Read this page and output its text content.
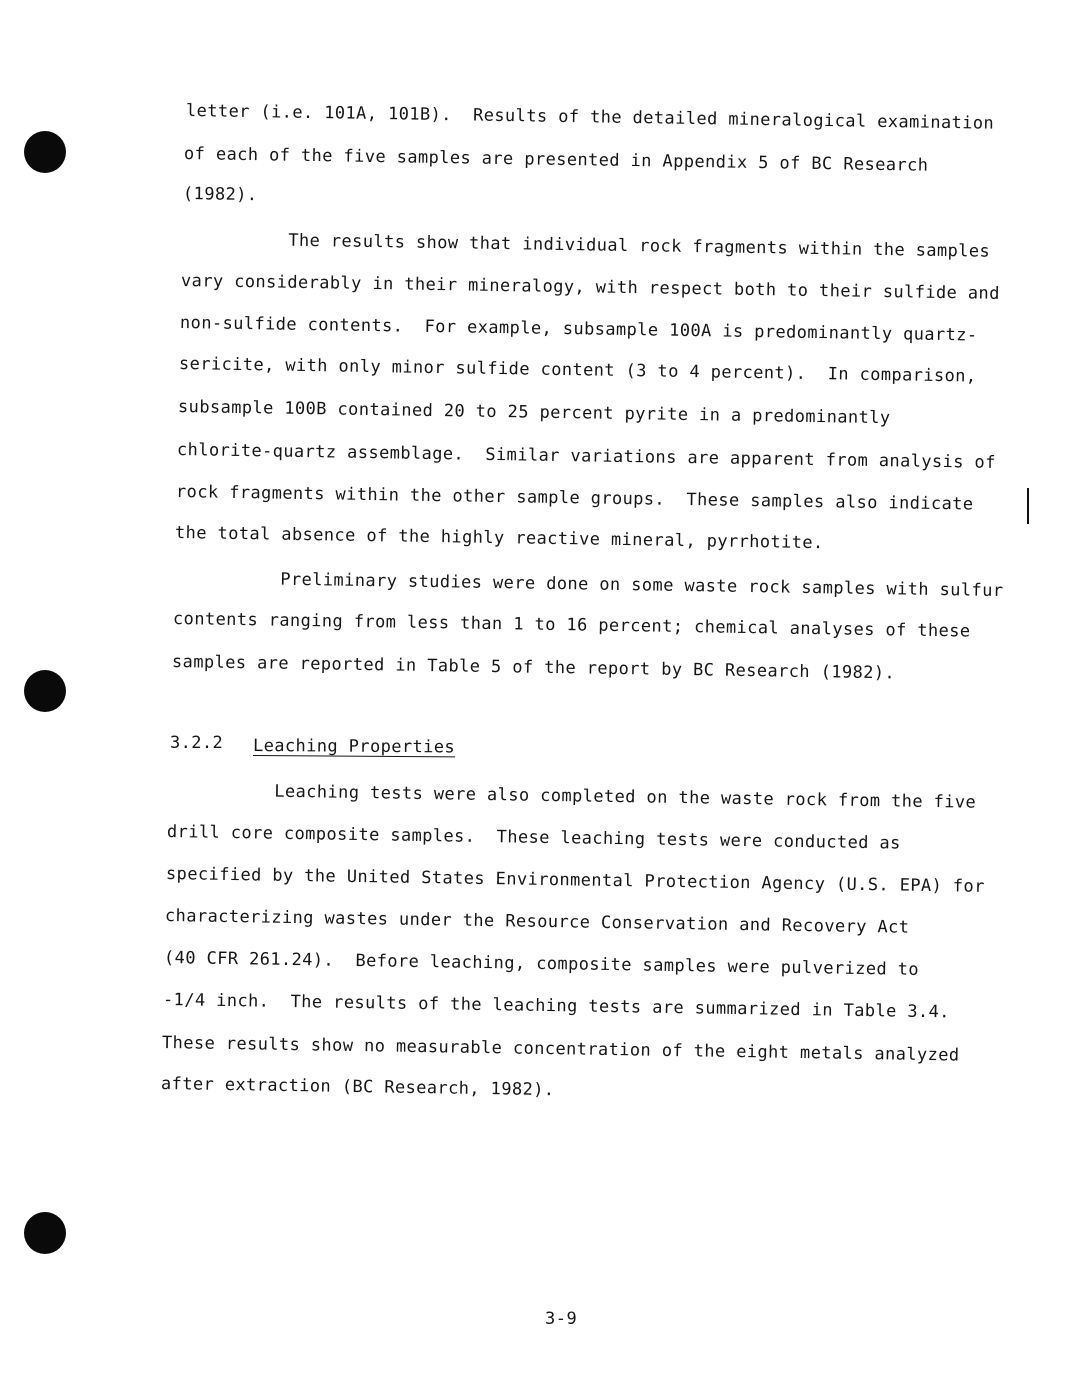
letter (i.e. 101A, 101B).  Results of the detailed mineralogical examination
of each of the five samples are presented in Appendix 5 of BC Research
(1982).
The results show that individual rock fragments within the samples
vary considerably in their mineralogy, with respect both to their sulfide and
non-sulfide contents.  For example, subsample 100A is predominantly quartz-
sericite, with only minor sulfide content (3 to 4 percent).  In comparison,
subsample 100B contained 20 to 25 percent pyrite in a predominantly
chlorite-quartz assemblage.  Similar variations are apparent from analysis of
rock fragments within the other sample groups.  These samples also indicate
the total absence of the highly reactive mineral, pyrrhotite.
Preliminary studies were done on some waste rock samples with sulfur
contents ranging from less than 1 to 16 percent; chemical analyses of these
samples are reported in Table 5 of the report by BC Research (1982).
3.2.2 Leaching Properties
Leaching tests were also completed on the waste rock from the five
drill core composite samples.  These leaching tests were conducted as
specified by the United States Environmental Protection Agency (U.S. EPA) for
characterizing wastes under the Resource Conservation and Recovery Act
(40 CFR 261.24).  Before leaching, composite samples were pulverized to
-1/4 inch.  The results of the leaching tests are summarized in Table 3.4.
These results show no measurable concentration of the eight metals analyzed
after extraction (BC Research, 1982).
3-9
